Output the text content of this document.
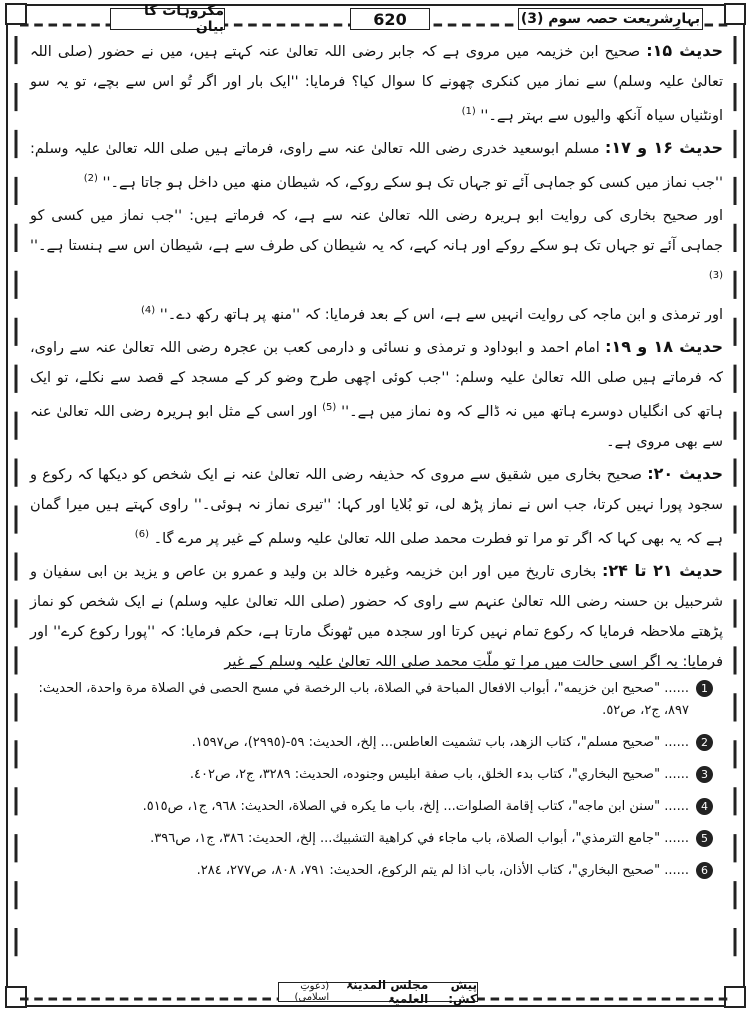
مکروہات کا بیان	620	بہارِشریعت حصہ سوم (3)

حدیث ۱۵: صحیح ابن خزیمہ میں مروی ہے کہ جابر رضی اللہ تعالیٰ عنہ کہتے ہیں، میں نے حضور (صلی اللہ تعالیٰ علیہ وسلم) سے نماز میں کنکری چھونے کا سوال کیا؟ فرمایا: ''ایک بار اور اگر تُو اس سے بچے، تو یہ سو اونٹنیاں سیاہ آنکھ والیوں سے بہتر ہے۔'' $^{(1)}$

حدیث ۱۶ و ۱۷: مسلم ابوسعید خدری رضی اللہ تعالیٰ عنہ سے راوی، فرماتے ہیں صلی اللہ تعالیٰ علیہ وسلم: ''جب نماز میں کسی کو جماہی آئے تو جہاں تک ہو سکے روکے، کہ شیطان منھ میں داخل ہو جاتا ہے۔'' $^{(2)}$

اور صحیح بخاری کی روایت ابو ہریرہ رضی اللہ تعالیٰ عنہ سے ہے، کہ فرماتے ہیں: ''جب نماز میں کسی کو جماہی آئے تو جہاں تک ہو سکے روکے اور ہانہ کہے، کہ یہ شیطان کی طرف سے ہے، شیطان اس سے ہنستا ہے۔'' $^{(3)}$

اور ترمذی و ابن ماجہ کی روایت انہیں سے ہے، اس کے بعد فرمایا: کہ ''منھ پر ہاتھ رکھ دے۔'' $^{(4)}$

حدیث ۱۸ و ۱۹: امام احمد و ابوداود و ترمذی و نسائی و دارمی کعب بن عجرہ رضی اللہ تعالیٰ عنہ سے راوی، کہ فرماتے ہیں صلی اللہ تعالیٰ علیہ وسلم: ''جب کوئی اچھی طرح وضو کر کے مسجد کے قصد سے نکلے، تو ایک ہاتھ کی انگلیاں دوسرے ہاتھ میں نہ ڈالے کہ وہ نماز میں ہے۔'' $^{(5)}$ اور اسی کے مثل ابو ہریرہ رضی اللہ تعالیٰ عنہ سے بھی مروی ہے۔

حدیث ۲۰: صحیح بخاری میں شقیق سے مروی کہ حذیفہ رضی اللہ تعالیٰ عنہ نے ایک شخص کو دیکھا کہ رکوع و سجود پورا نہیں کرتا، جب اس نے نماز پڑھ لی، تو بُلایا اور کہا: ''تیری نماز نہ ہوئی۔'' راوی کہتے ہیں میرا گمان ہے کہ یہ بھی کہا کہ اگر تو مرا تو فطرت محمد صلی اللہ تعالیٰ علیہ وسلم کے غیر پر مرے گا۔ $^{(6)}$

حدیث ۲۱ تا ۲۴: بخاری تاریخ میں اور ابن خزیمہ وغیرہ خالد بن ولید و عمرو بن عاص و یزید بن ابی سفیان و شرحبیل بن حسنہ رضی اللہ تعالیٰ عنہم سے راوی کہ حضور (صلی اللہ تعالیٰ علیہ وسلم) نے ایک شخص کو نماز پڑھتے ملاحظہ فرمایا کہ رکوع تمام نہیں کرتا اور سجدہ میں ٹھونگ مارتا ہے، حکم فرمایا: کہ ''پورا رکوع کرے'' اور فرمایا: یہ اگر اسی حالت میں مرا تو ملّتِ محمد صلی اللہ تعالیٰ علیہ وسلم کے غیر

1
...... "صحيح ابن خزيمه"، أبواب الافعال المباحة في الصلاة، باب الرخصة في مسح الحصى في الصلاة مرة واحدة، الحديث: ٨٩٧، ج٢، ص٥٢.
2
...... "صحيح مسلم"، كتاب الزهد، باب تشميت العاطس... إلخ، الحديث: ٥٩-(٢٩٩٥)، ص١٥٩٧.
3
...... "صحيح البخاري"، كتاب بدء الخلق، باب صفة ابليس وجنوده، الحديث: ٣٢٨٩، ج٢، ص٤٠٢.
4
...... "سنن ابن ماجه"، كتاب إقامة الصلوات... إلخ، باب ما يكره في الصلاة، الحديث: ٩٦٨، ج١، ص٥١٥.
5
...... "جامع الترمذي"، أبواب الصلاة، باب ماجاء في كراهية التشبيك... إلخ، الحديث: ٣٨٦، ج١، ص٣٩٦.
6
...... "صحيح البخاري"، كتاب الأذان، باب اذا لم يتم الركوع، الحديث: ٧٩١، ٨٠٨، ص٢٧٧، ٢٨٤.
پیش کش:

مجلس المدینۃ العلمیۃ
(دعوتِ اسلامی)
